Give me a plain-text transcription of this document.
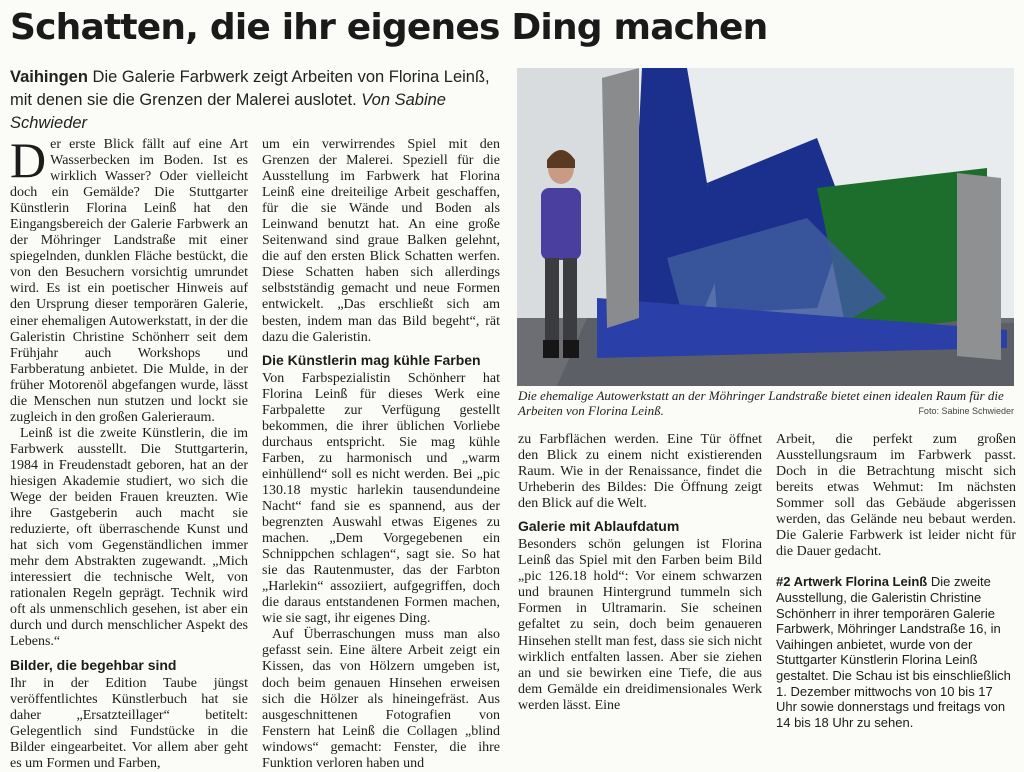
Schatten, die ihr eigenes Ding machen
Vaihingen Die Galerie Farbwerk zeigt Arbeiten von Florina Leinß, mit denen sie die Grenzen der Malerei auslotet. Von Sabine Schwieder

Der erste Blick fällt auf eine Art Wasserbecken im Boden. Ist es wirklich Wasser? Oder vielleicht doch ein Gemälde? Die Stuttgarter Künstlerin Florina Leinß hat den Eingangsbereich der Galerie Farbwerk an der Möhringer Landstraße mit einer spiegelnden, dunklen Fläche bestückt, die von den Besuchern vorsichtig umrundet wird. Es ist ein poetischer Hinweis auf den Ursprung dieser temporären Galerie, einer ehemaligen Autowerkstatt, in der die Galeristin Christine Schönherr seit dem Frühjahr auch Workshops und Farbberatung anbietet. Die Mulde, in der früher Motorenöl abgefangen wurde, lässt die Menschen nun stutzen und lockt sie zugleich in den großen Galerieraum.

Leinß ist die zweite Künstlerin, die im Farbwerk ausstellt. Die Stuttgarterin, 1984 in Freudenstadt geboren, hat an der hiesigen Akademie studiert, wo sich die Wege der beiden Frauen kreuzten. Wie ihre Gastgeberin auch macht sie reduzierte, oft überraschende Kunst und hat sich vom Gegenständlichen immer mehr dem Abstrakten zugewandt. „Mich interessiert die technische Welt, von rationalen Regeln geprägt. Technik wird oft als unmenschlich gesehen, ist aber ein durch und durch menschlicher Aspekt des Lebens.“

Bilder, die begehbar sind

Ihr in der Edition Taube jüngst veröffentlichtes Künstlerbuch hat sie daher „Ersatzteillager“ betitelt: Gelegentlich sind Fundstücke in die Bilder eingearbeitet. Vor allem aber geht es um Formen und Farben,

um ein verwirrendes Spiel mit den Grenzen der Malerei. Speziell für die Ausstellung im Farbwerk hat Florina Leinß eine dreiteilige Arbeit geschaffen, für die sie Wände und Boden als Leinwand benutzt hat. An eine große Seitenwand sind graue Balken gelehnt, die auf den ersten Blick Schatten werfen. Diese Schatten haben sich allerdings selbstständig gemacht und neue Formen entwickelt. „Das erschließt sich am besten, indem man das Bild begeht“, rät dazu die Galeristin.

Die Künstlerin mag kühle Farben

Von Farbspezialistin Schönherr hat Florina Leinß für dieses Werk eine Farbpalette zur Verfügung gestellt bekommen, die ihrer üblichen Vorliebe durchaus entspricht. Sie mag kühle Farben, zu harmonisch und „warm einhüllend“ soll es nicht werden. Bei „pic 130.18 mystic harlekin tausendundeine Nacht“ fand sie es spannend, aus der begrenzten Auswahl etwas Eigenes zu machen. „Dem Vorgegebenen ein Schnippchen schlagen“, sagt sie. So hat sie das Rautenmuster, das der Farbton „Harlekin“ assoziiert, aufgegriffen, doch die daraus entstandenen Formen machen, wie sie sagt, ihr eigenes Ding.

Auf Überraschungen muss man also gefasst sein. Eine ältere Arbeit zeigt ein Kissen, das von Hölzern umgeben ist, doch beim genauen Hinsehen erweisen sich die Hölzer als hineingefräst. Aus ausgeschnittenen Fotografien von Fenstern hat Leinß die Collagen „blind windows“ gemacht: Fenster, die ihre Funktion verloren haben und

Die ehemalige Autowerkstatt an der Möhringer Landstraße bietet einen idealen Raum für die Arbeiten von Florina Leinß.	Foto: Sabine Schwieder

zu Farbflächen werden. Eine Tür öffnet den Blick zu einem nicht existierenden Raum. Wie in der Renaissance, findet die Urheberin des Bildes: Die Öffnung zeigt den Blick auf die Welt.

Galerie mit Ablaufdatum

Besonders schön gelungen ist Florina Leinß das Spiel mit den Farben beim Bild „pic 126.18 hold“: Vor einem schwarzen und braunen Hintergrund tummeln sich Formen in Ultramarin. Sie scheinen gefaltet zu sein, doch beim genaueren Hinsehen stellt man fest, dass sie sich nicht wirklich entfalten lassen. Aber sie ziehen an und sie bewirken eine Tiefe, die aus dem Gemälde ein dreidimensionales Werk werden lässt. Eine

Arbeit, die perfekt zum großen Ausstellungsraum im Farbwerk passt. Doch in die Betrachtung mischt sich bereits etwas Wehmut: Im nächsten Sommer soll das Gebäude abgerissen werden, das Gelände neu bebaut werden. Die Galerie Farbwerk ist leider nicht für die Dauer gedacht.

#2 Artwerk Florina Leinß Die zweite Ausstellung, die Galeristin Christine Schönherr in ihrer temporären Galerie Farbwerk, Möhringer Landstraße 16, in Vaihingen anbietet, wurde von der Stuttgarter Künstlerin Florina Leinß gestaltet. Die Schau ist bis einschließlich 1. Dezember mittwochs von 10 bis 17 Uhr sowie donnerstags und freitags von 14 bis 18 Uhr zu sehen.
